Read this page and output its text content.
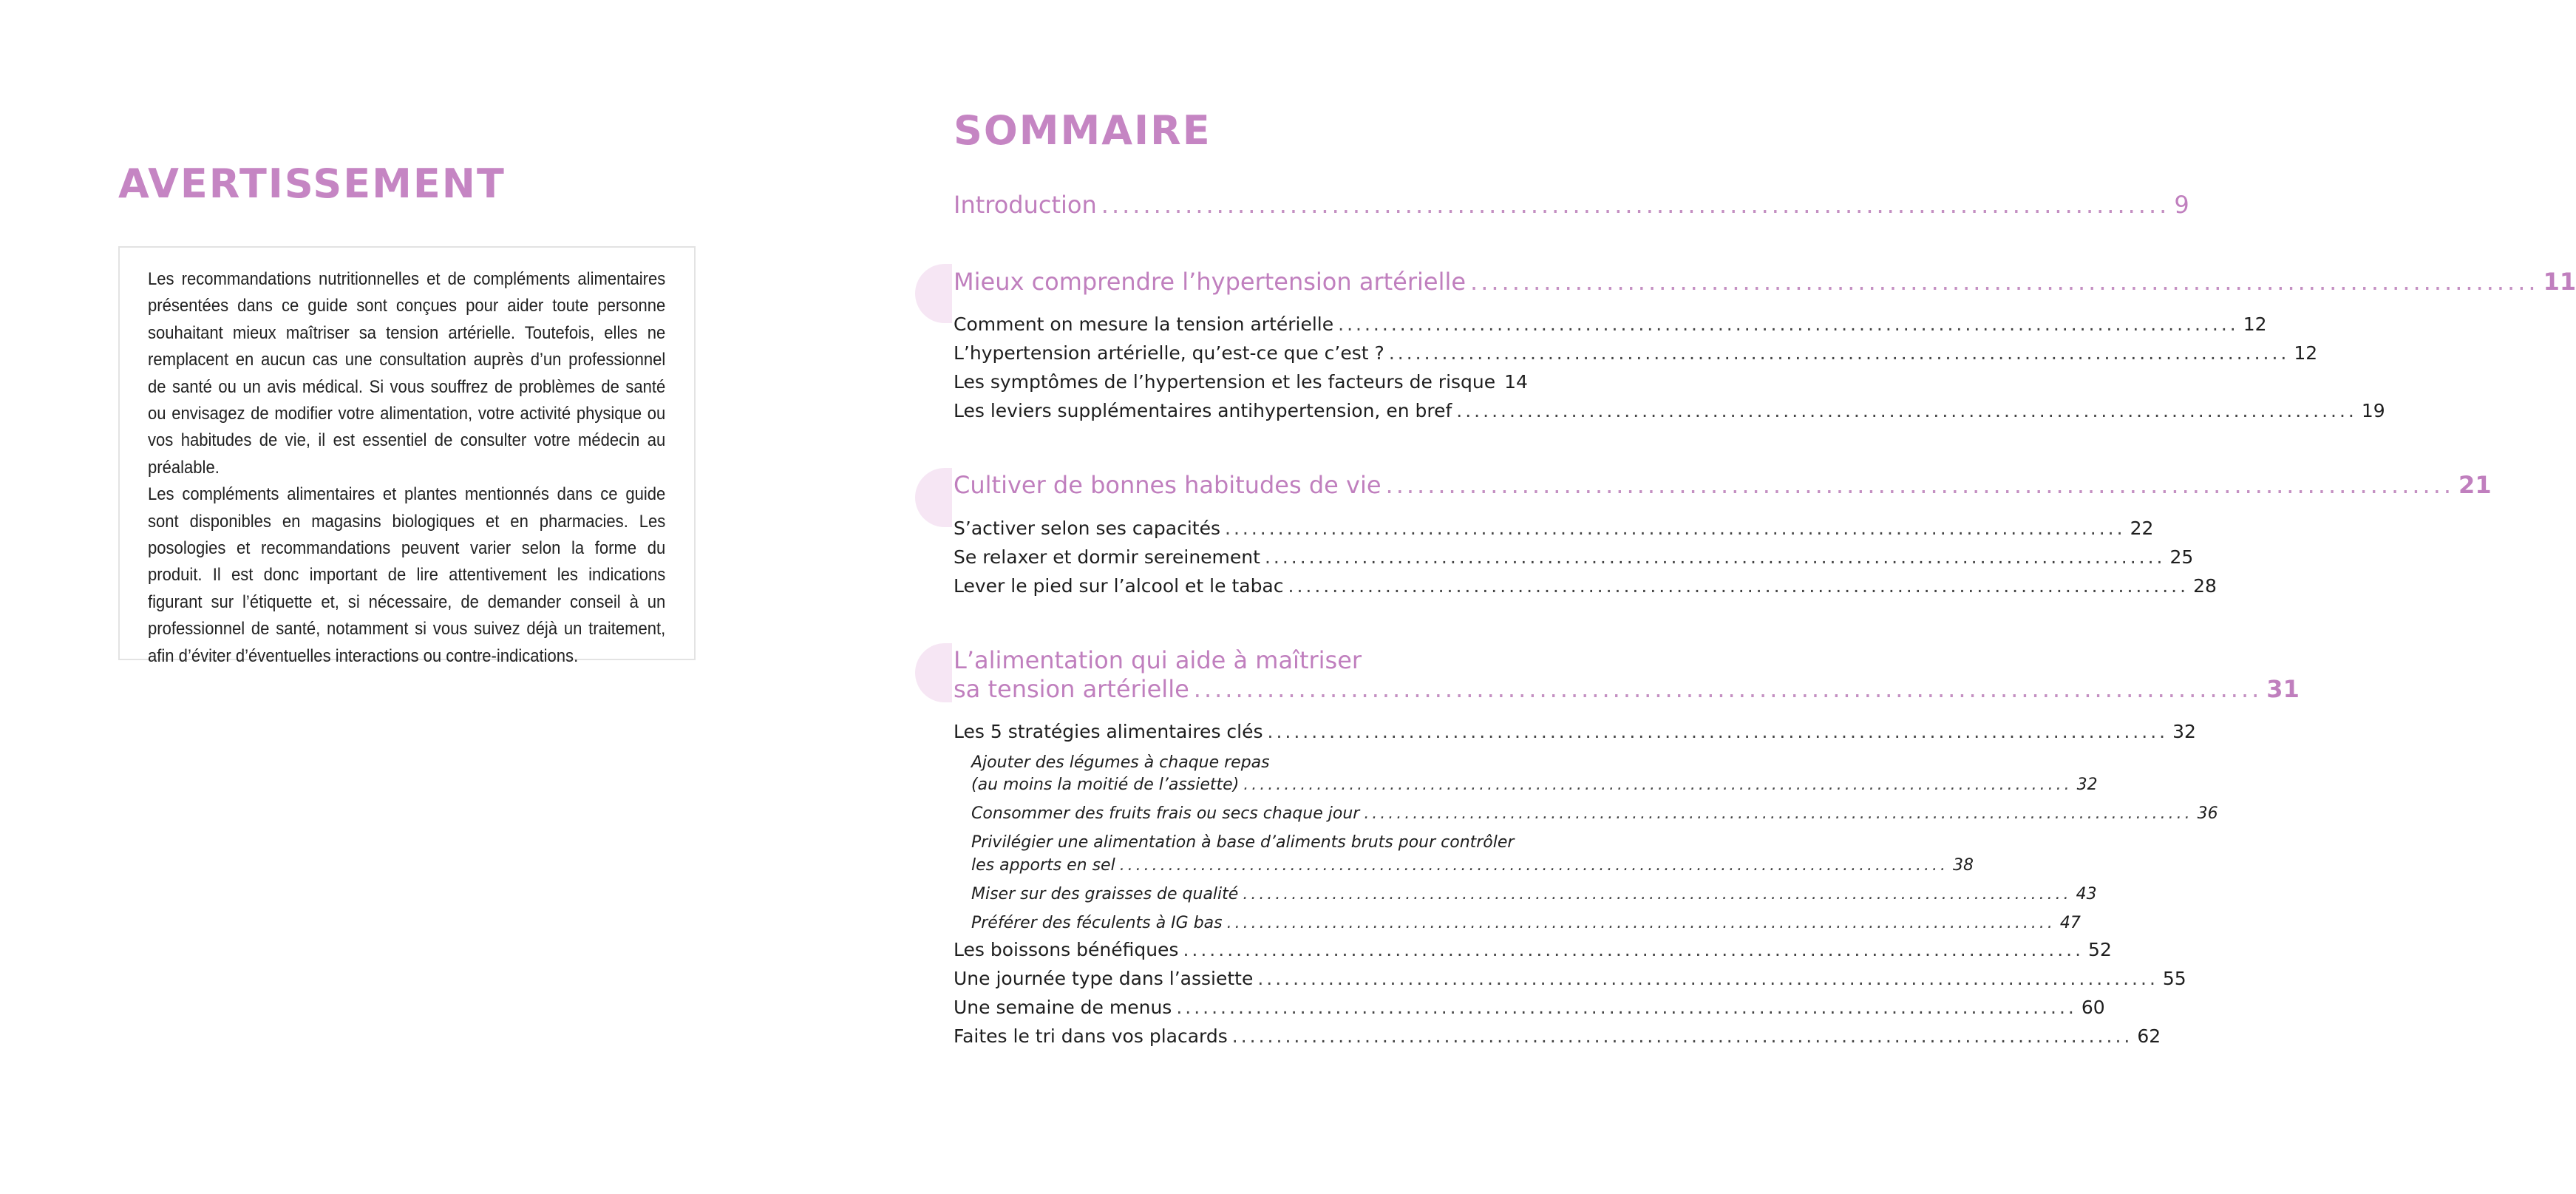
AVERTISSEMENT

Les recommandations nutritionnelles et de compléments alimentaires présentées dans ce guide sont conçues pour aider toute personne souhaitant mieux maîtriser sa tension artérielle. Toutefois, elles ne remplacent en aucun cas une consultation auprès d’un professionnel de santé ou un avis médical. Si vous souffrez de problèmes de santé ou envisagez de modifier votre alimentation, votre activité physique ou vos habitudes de vie, il est essentiel de consulter votre médecin au préalable.
Les compléments alimentaires et plantes mentionnés dans ce guide sont disponibles en magasins biologiques et en pharmacies. Les posologies et recommandations peuvent varier selon la forme du produit. Il est donc important de lire attentivement les indications figurant sur l’étiquette et, si nécessaire, de demander conseil à un professionnel de santé, notamment si vous suivez déjà un traitement, afin d’éviter d’éventuelles interactions ou contre-indications.

SOMMAIRE
Introduction ...................................................................................................... 9
Mieux comprendre l’hypertension artérielle ...................................................................................................... 11
Comment on mesure la tension artérielle ...................................................................................................... 12
L’hypertension artérielle, qu’est-ce que c’est ? ...................................................................................................... 12
Les symptômes de l’hypertension et les facteurs de risque 14
Les leviers supplémentaires antihypertension, en bref ...................................................................................................... 19
Cultiver de bonnes habitudes de vie ...................................................................................................... 21
S’activer selon ses capacités ...................................................................................................... 22
Se relaxer et dormir sereinement ...................................................................................................... 25
Lever le pied sur l’alcool et le tabac ...................................................................................................... 28
L’alimentation qui aide à maîtriser
sa tension artérielle ...................................................................................................... 31
Les 5 stratégies alimentaires clés ...................................................................................................... 32
Ajouter des légumes à chaque repas
(au moins la moitié de l’assiette) ...................................................................................................... 32
Consommer des fruits frais ou secs chaque jour ...................................................................................................... 36
Privilégier une alimentation à base d’aliments bruts pour contrôler
les apports en sel ...................................................................................................... 38
Miser sur des graisses de qualité ...................................................................................................... 43
Préférer des féculents à IG bas ...................................................................................................... 47
Les boissons bénéfiques ...................................................................................................... 52
Une journée type dans l’assiette ...................................................................................................... 55
Une semaine de menus ...................................................................................................... 60
Faites le tri dans vos placards ...................................................................................................... 62
